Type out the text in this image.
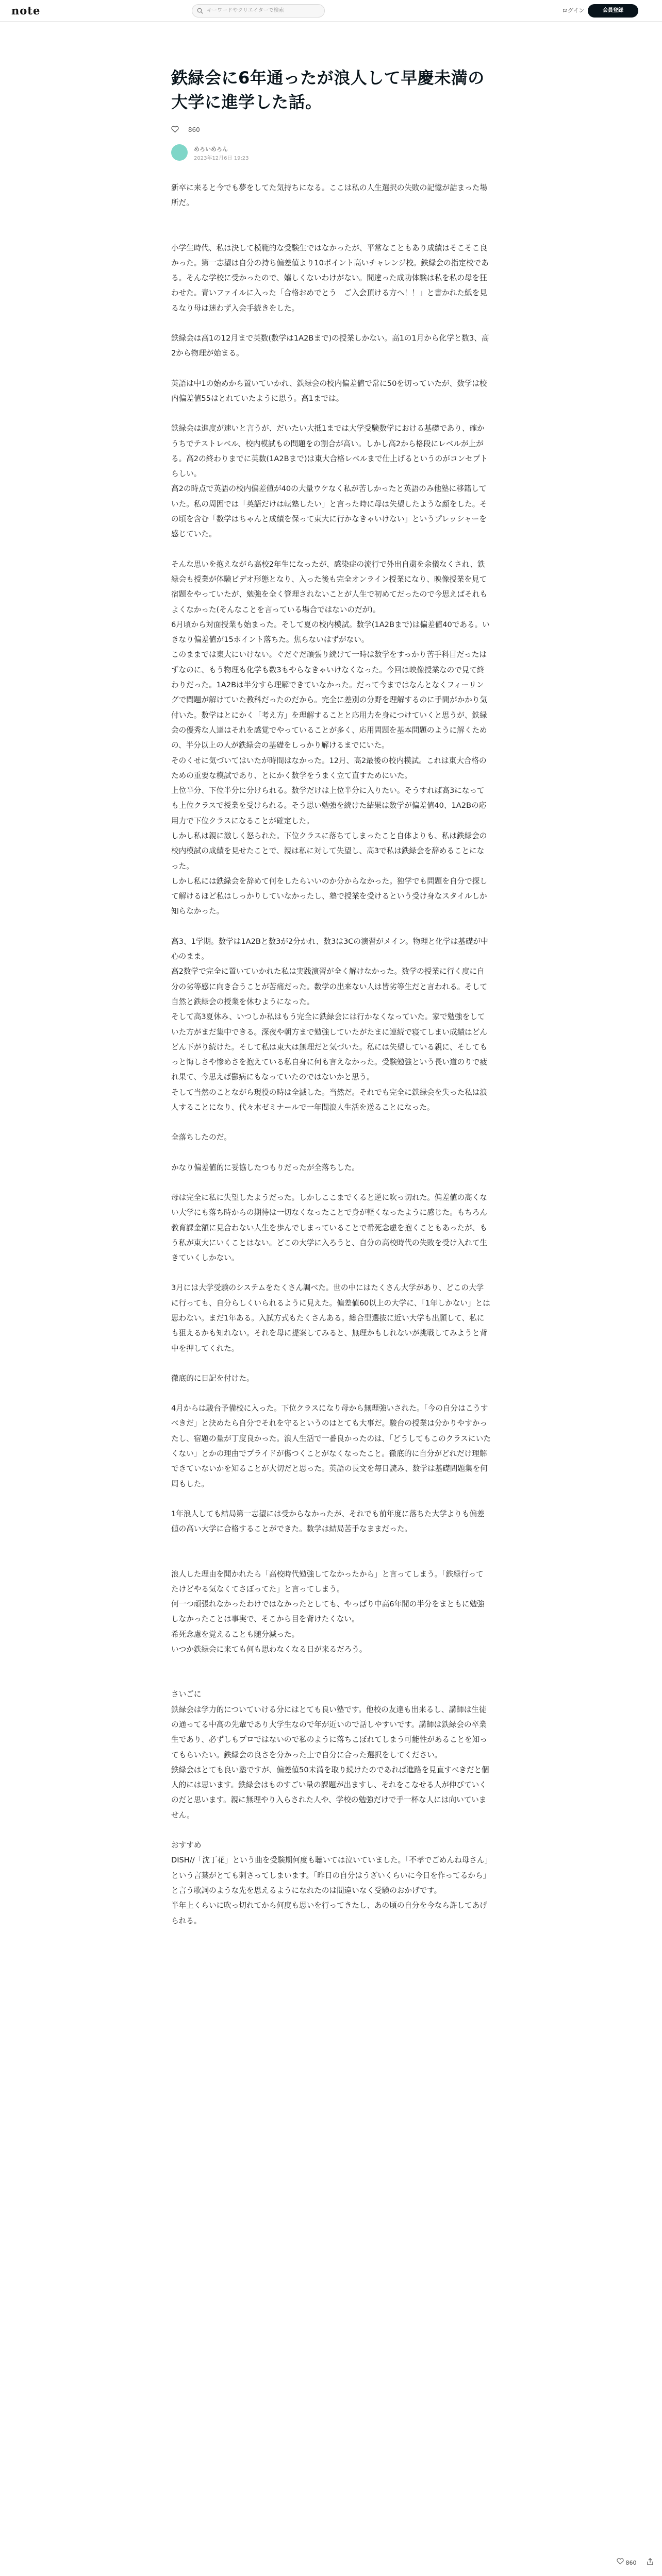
note	キーワードやクリエイターで検索	ログイン	会員登録
鉄緑会に6年通ったが浪人して早慶未満の大学に進学した話。
860
めろいめろん
2023年12月6日 19:23

新卒に来ると今でも夢をしてた気持ちになる。ここは私の人生選択の失敗の記憶が詰まった場所だ。

小学生時代、私は決して模範的な受験生ではなかったが、平常なこともあり成績はそこそこ良かった。第一志望は自分の持ち偏差値より10ポイント高いチャレンジ校。鉄緑会の指定校である。そんな学校に受かったので、嬉しくないわけがない。間違った成功体験は私を私の母を狂わせた。青いファイルに入った「合格おめでとう　ご入会頂ける方へ！！」と書かれた紙を見るなり母は迷わず入会手続きをした。

鉄緑会は高1の12月まで英数(数学は1A2Bまで)の授業しかない。高1の1月から化学と数3、高2から物理が始まる。

英語は中1の始めから置いていかれ、鉄緑会の校内偏差値で常に50を切っていたが、数学は校内偏差値55はとれていたように思う。高1までは。

鉄緑会は進度が速いと言うが、だいたい大抵1までは大学受験数学における基礎であり、確かうちでテストレベル、校内模試もの問題をの割合が高い。しかし高2から格段にレベルが上がる。高2の終わりまでに英数(1A2Bまで)は東大合格レベルまで仕上げるというのがコンセプトらしい。

高2の時点で英語の校内偏差値が40の大量ウケなく私が苦しかったと英語のみ他塾に移籍していた。私の周囲では「英語だけは転塾したい」と言った時に母は失望したような顔をした。その頃を含む「数学はちゃんと成績を保って東大に行かなきゃいけない」というプレッシャーを感じていた。

そんな思いを抱えながら高校2年生になったが、感染症の流行で外出自粛を余儀なくされ、鉄緑会も授業が体験ビデオ形態となり、入った後も完全オンライン授業になり、映像授業を見て宿題をやっていたが、勉強を全く管理されないことが人生で初めてだったので今思えばそれもよくなかった(そんなことを言っている場合ではないのだが)。

6月頃から対面授業も始まった。そして夏の校内模試。数学(1A2Bまで)は偏差値40である。いきなり偏差値が15ポイント落ちた。焦らないはずがない。

このままでは東大にいけない。ぐだぐだ頑張り続けて一時は数学をすっかり苦手科目だったはずなのに、もう物理も化学も数3もやらなきゃいけなくなった。今回は映像授業なので見て終わりだった。1A2Bは半分すら理解できていなかった。だって今まではなんとなくフィーリングで問題が解けていた教科だったのだから。完全に差別の分野を理解するのに手間がかかり気付いた。数学はとにかく「考え方」を理解することと応用力を身につけていくと思うが、鉄緑会の優秀な人達はそれを感覚でやっていることが多く、応用問題を基本問題のように解くための、半分以上の人が鉄緑会の基礎をしっかり解けるまでにいた。

そのくせに気づいてはいたが時間はなかった。12月、高2最後の校内模試。これは東大合格のための重要な模試であり、とにかく数学をうまく立て直すためにいた。

上位半分、下位半分に分けられる。数学だけは上位半分に入りたい。そうすれば高3になっても上位クラスで授業を受けられる。そう思い勉強を続けた結果は数学が偏差値40、1A2Bの応用力で下位クラスになることが確定した。

しかし私は親に激しく怒られた。下位クラスに落ちてしまったこと自体よりも、私は鉄緑会の校内模試の成績を見せたことで、親は私に対して失望し、高3で私は鉄緑会を辞めることになった。

しかし私には鉄緑会を辞めて何をしたらいいのか分からなかった。独学でも問題を自分で探して解けるほど私はしっかりしていなかったし、塾で授業を受けるという受け身なスタイルしか知らなかった。

高3、1学期。数学は1A2Bと数3が2分かれ、数3は3Cの演習がメイン。物理と化学は基礎が中心のまま。

高2数学で完全に置いていかれた私は実践演習が全く解けなかった。数学の授業に行く度に自分の劣等感に向き合うことが苦痛だった。数学の出来ない人は皆劣等生だと言われる。そして自然と鉄緑会の授業を休むようになった。

そして高3夏休み、いつしか私はもう完全に鉄緑会には行かなくなっていた。家で勉強をしていた方がまだ集中できる。深夜や朝方まで勉強していたがたまに連続で寝てしまい成績はどんどん下がり続けた。そして私は東大は無理だと気づいた。私には失望している親に、そしてもっと悔しさや惨めさを抱えている私自身に何も言えなかった。受験勉強という長い道のりで疲れ果て、今思えば鬱病にもなっていたのではないかと思う。

そして当然のことながら現役の時は全滅した。当然だ。それでも完全に鉄緑会を失った私は浪人することになり、代々木ゼミナールで一年間浪人生活を送ることになった。

全落ちしたのだ。

かなり偏差値的に妥協したつもりだったが全落ちした。

母は完全に私に失望したようだった。しかしここまでくると逆に吹っ切れた。偏差値の高くない大学にも落ち時からの期待は一切なくなったことで身が軽くなったように感じた。もちろん教育課金額に見合わない人生を歩んでしまっていることで希死念慮を抱くこともあったが、もう私が東大にいくことはない。どこの大学に入ろうと、自分の高校時代の失敗を受け入れて生きていくしかない。

3月には大学受験のシステムをたくさん調べた。世の中にはたくさん大学があり、どこの大学に行っても、自分らしくいられるように見えた。偏差値60以上の大学に、「1年しかない」とは思わない。まだ1年ある。入試方式もたくさんある。総合型選抜に近い大学も出願して、私にも狙えるかも知れない。それを母に提案してみると、無理かもしれないが挑戦してみようと背中を押してくれた。

徹底的に日記を付けた。

4月からは駿台予備校に入った。下位クラスになり母から無理強いされた。「今の自分はこうすべきだ」と決めたら自分でそれを守るというのはとても大事だ。駿台の授業は分かりやすかったし、宿題の量が丁度良かった。浪人生活で一番良かったのは、「どうしてもこのクラスにいたくない」とかの理由でプライドが傷つくことがなくなったこと。徹底的に自分がどれだけ理解できていないかを知ることが大切だと思った。英語の長文を毎日読み、数学は基礎問題集を何周もした。

1年浪人しても結局第一志望には受からなかったが、それでも前年度に落ちた大学よりも偏差値の高い大学に合格することができた。数学は結局苦手なままだった。

浪人した理由を聞かれたら「高校時代勉強してなかったから」と言ってしまう。「鉄緑行ってたけどやる気なくてさぼってた」と言ってしまう。

何一つ頑張れなかったわけではなかったとしても、やっぱり中高6年間の半分をまともに勉強しなかったことは事実で、そこから目を背けたくない。

希死念慮を覚えることも随分減った。

いつか鉄緑会に来ても何も思わなくなる日が来るだろう。

さいごに

鉄緑会は学力的についていける分にはとても良い塾です。他校の友達も出来るし、講師は生徒の通ってる中高の先輩であり大学生なので年が近いので話しやすいです。講師は鉄緑会の卒業生であり、必ずしもプロではないので私のように落ちこぼれてしまう可能性があることを知ってもらいたい。鉄緑会の良さを分かった上で自分に合った選択をしてください。

鉄緑会はとても良い塾ですが、偏差値50未満を取り続けたのであれば進路を見直すべきだと個人的には思います。鉄緑会はものすごい量の課題が出ますし、それをこなせる人が伸びていくのだと思います。親に無理やり入らされた人や、学校の勉強だけで手一杯な人には向いていません。

おすすめ

DISH//「沈丁花」という曲を受験期何度も聴いては泣いていました。「不孝でごめんね母さん」という言葉がとても刺さってしまいます。「昨日の自分はうざいくらいに今日を作ってるから」と言う歌詞のような先を思えるようになれたのは間違いなく受験のおかげです。

半年上くらいに吹っ切れてから何度も思いを行ってきたし、あの頃の自分を今なら許してあげられる。

860
